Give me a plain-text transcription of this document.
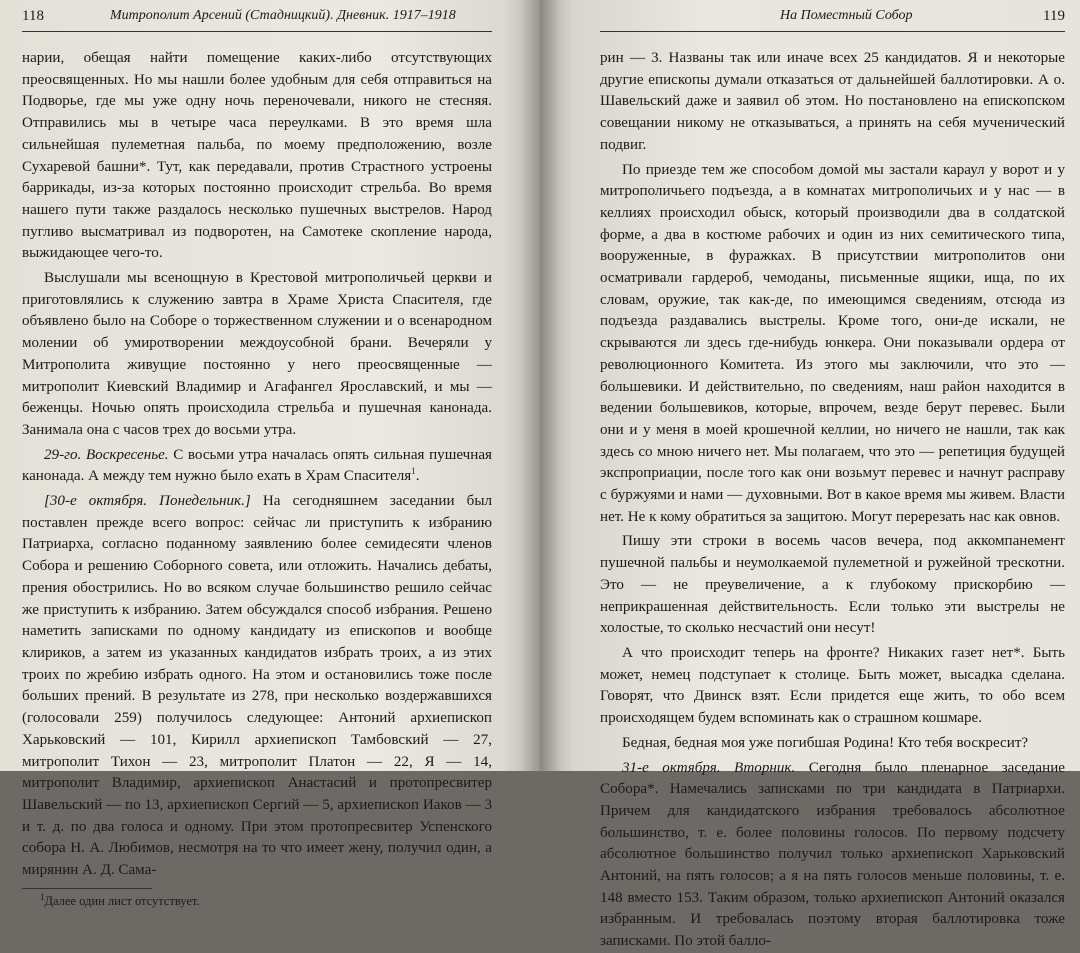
118	Митрополит Арсений (Стадницкий). Дневник. 1917–1918

нарии, обещая найти помещение каких-либо отсутствующих преосвященных. Но мы нашли более удобным для себя отправиться на Подворье, где мы уже одну ночь переночевали, никого не стесняя. Отправились мы в четыре часа переулками. В это время шла сильнейшая пулеметная пальба, по моему предположению, возле Сухаревой башни*. Тут, как передавали, против Страстного устроены баррикады, из-за которых постоянно происходит стрельба. Во время нашего пути также раздалось несколько пушечных выстрелов. Народ пугливо высматривал из подворотен, на Самотеке скопление народа, выжидающее чего-то.

Выслушали мы всенощную в Крестовой митрополичьей церкви и приготовлялись к служению завтра в Храме Христа Спасителя, где объявлено было на Соборе о торжественном служении и о всенародном молении об умиротворении междоусобной брани. Вечеряли у Митрополита живущие постоянно у него преосвященные — митрополит Киевский Владимир и Агафангел Ярославский, и мы — беженцы. Ночью опять происходила стрельба и пушечная канонада. Занимала она с часов трех до восьми утра.

29-го. Воскресенье. С восьми утра началась опять сильная пушечная канонада. А между тем нужно было ехать в Храм Спасителя$^1$.

[30-е октября. Понедельник.] На сегодняшнем заседании был поставлен прежде всего вопрос: сейчас ли приступить к избранию Патриарха, согласно поданному заявлению более семидесяти членов Собора и решению Соборного совета, или отложить. Начались дебаты, прения обострились. Но во всяком случае большинство решило сейчас же приступить к избранию. Затем обсуждался способ избрания. Решено наметить записками по одному кандидату из епископов и вообще клириков, а затем из указанных кандидатов избрать троих, а из этих троих по жребию избрать одного. На этом и остановились тоже после больших прений. В результате из 278, при несколько воздержавшихся (голосовали 259) получилось следующее: Антоний архиепископ Харьковский — 101, Кирилл архиепископ Тамбовский — 27, митрополит Тихон — 23, митрополит Платон — 22, Я — 14, митрополит Владимир, архиепископ Анастасий и протопресвитер Шавельский — по 13, архиепископ Сергий — 5, архиепископ Иаков — 3 и т. д. по два голоса и одному. При этом протопресвитер Успенского собора Н. А. Любимов, несмотря на то что имеет жену, получил один, а мирянин А. Д. Сама-

$^1$Далее один лист отсутствует.
На Поместный Собор	119

рин — 3. Названы так или иначе всех 25 кандидатов. Я и некоторые другие епископы думали отказаться от дальнейшей баллотировки. А о. Шавельский даже и заявил об этом. Но постановлено на епископском совещании никому не отказываться, а принять на себя мученический подвиг.

По приезде тем же способом домой мы застали караул у ворот и у митрополичьего подъезда, а в комнатах митрополичьих и у нас — в келлиях происходил обыск, который производили два в солдатской форме, а два в костюме рабочих и один из них семитического типа, вооруженные, в фуражках. В присутствии митрополитов они осматривали гардероб, чемоданы, письменные ящики, ища, по их словам, оружие, так как-де, по имеющимся сведениям, отсюда из подъезда раздавались выстрелы. Кроме того, они-де искали, не скрываются ли здесь где-нибудь юнкера. Они показывали ордера от революционного Комитета. Из этого мы заключили, что это — большевики. И действительно, по сведениям, наш район находится в ведении большевиков, которые, впрочем, везде берут перевес. Были они и у меня в моей крошечной келлии, но ничего не нашли, так как здесь со мною ничего нет. Мы полагаем, что это — репетиция будущей экспроприации, после того как они возьмут перевес и начнут расправу с буржуями и нами — духовными. Вот в какое время мы живем. Власти нет. Не к кому обратиться за защитою. Могут перерезать нас как овнов.

Пишу эти строки в восемь часов вечера, под аккомпанемент пушечной пальбы и неумолкаемой пулеметной и ружейной трескотни. Это — не преувеличение, а к глубокому прискорбию — неприкрашенная действительность. Если только эти выстрелы не холостые, то сколько несчастий они несут!

А что происходит теперь на фронте? Никаких газет нет*. Быть может, немец подступает к столице. Быть может, высадка сделана. Говорят, что Двинск взят. Если придется еще жить, то обо всем происходящем будем вспоминать как о страшном кошмаре.

Бедная, бедная моя уже погибшая Родина! Кто тебя воскресит?

31-е октября. Вторник. Сегодня было пленарное заседание Собора*. Намечались записками по три кандидата в Патриархи. Причем для кандидатского избрания требовалось абсолютное большинство, т. е. более половины голосов. По первому подсчету абсолютное большинство получил только архиепископ Харьковский Антоний, на пять голосов; а я на пять голосов меньше половины, т. е. 148 вместо 153. Таким образом, только архиепископ Антоний оказался избранным. И требовалась поэтому вторая баллотировка тоже записками. По этой балло-
